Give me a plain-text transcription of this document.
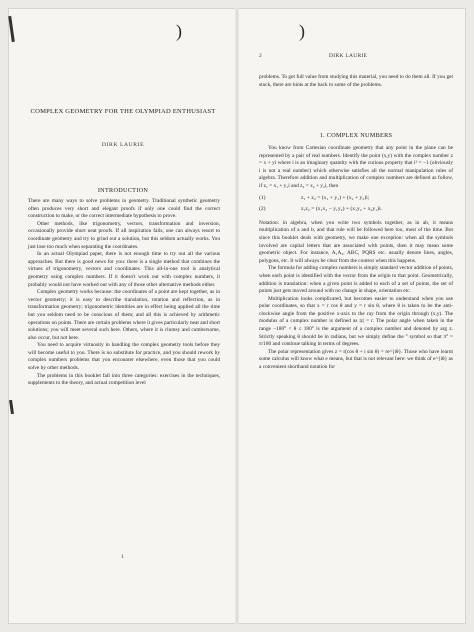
)
COMPLEX GEOMETRY FOR THE OLYMPIAD ENTHUSIAST
DIRK LAURIE
INTRODUCTION

There are many ways to solve problems in geometry. Traditional synthetic geometry often produces very short and elegant proofs if only one could find the correct construction to make, or the correct intermediate hypothesis to prove.

Other methods, like trigonometry, vectors, transformation and inversion, occasionally provide short neat proofs. If all inspiration fails, one can always resort to coordinate geometry and try to grind out a solution, but this seldom actually works. You just lose too much when separating the coordinates.

In an actual Olympiad paper, there is not enough time to try out all the various approaches. But there is good news for you: there is a single method that combines the virtues of trigonometry, vectors and coordinates. This all-in-one tool is analytical geometry using complex numbers. If it doesn't work out with complex numbers, it probably would not have worked out with any of those other alternative methods either.

Complex geometry works because: the coordinates of a point are kept together, as in vector geometry; it is easy to describe translation, rotation and reflection, as in transformation geometry; trigonometric identities are in effect being applied all the time but you seldom need to be conscious of them; and all this is achieved by arithmetic operations on points. There are certain problems where it gives particularly neat and short solutions; you will meet several such here. Others, where it is clumsy and cumbersome, also occur, but not here.

You need to acquire virtuosity in handling the complex geometry tools before they will become useful to you. There is no substitute for practice, and you should rework by complex numbers problems that you encounter elsewhere, even those that you could solve by other methods.

The problems in this booklet fall into three categories: exercises in the techniques, supplements to the theory, and actual competition level

1
)
2	DIRK LAURIE

problems. To get full value from studying this material, you need to do them all. If you get stuck, there are hints at the back to some of the problems.

1. COMPLEX NUMBERS

You know from Cartesian coordinate geometry that any point in the plane can be represented by a pair of real numbers. Identify the point (x,y) with the complex number z = x + yi where i is an imaginary quantity with the curious property that i² = −1 (obviously i is not a real number) which otherwise satisfies all the normal manipulation rules of algebra. Therefore addition and multiplication of complex numbers are defined as follow, if z₁ = x₁ + y₁i and z₂ = x₂ + y₂i, then

(1)	z₁ + z₂ = (x₁ + y₁) + (x₂ + y₂)i;
(2)	z₁z₂ = (x₁x₂ − y₁y₂) + (x₁y₂ + x₂y₁)i.

Notation: in algebra, when you write two symbols together, as in ab, it means multiplication of a and b, and that rule will be followed here too, most of the time. But since this booklet deals with geometry, we make one exception: when all the symbols involved are capital letters that are associated with points, then it may mean some geometric object. For instance, A₁A₂, ABC, PQRS etc. usually denote lines, angles, polygons, etc. It will always be clear from the context when this happens.

The formula for adding complex numbers is simply standard vector addition of points, when each point is identified with the vector from the origin to that point. Geometrically, addition is translation: when a given point is added to each of a set of points, the set of points just gets moved around with no change in shape, orientation etc.

Multiplication looks complicated, but becomes easier to understand when you use polar coordinates, so that x = r cos θ and y = r sin θ, where θ is taken to be the anti-clockwise angle from the positive x-axis to the ray from the origin through (x,y). The modulus of a complex number is defined as |z| = r. The polar angle when taken in the range −180° < θ ≤ 180° is the argument of a complex number and denoted by arg z. Strictly speaking θ should be in radians, but we simply define the ° symbol so that π° = π/180 and continue talking in terms of degrees.

The polar representation gives z = r(cos θ + i sin θ) = re^{iθ}. Those who have learnt some calculus will know what e means, but that is not relevant here: we think of e^{iθ} as a convenient shorthand notation for
